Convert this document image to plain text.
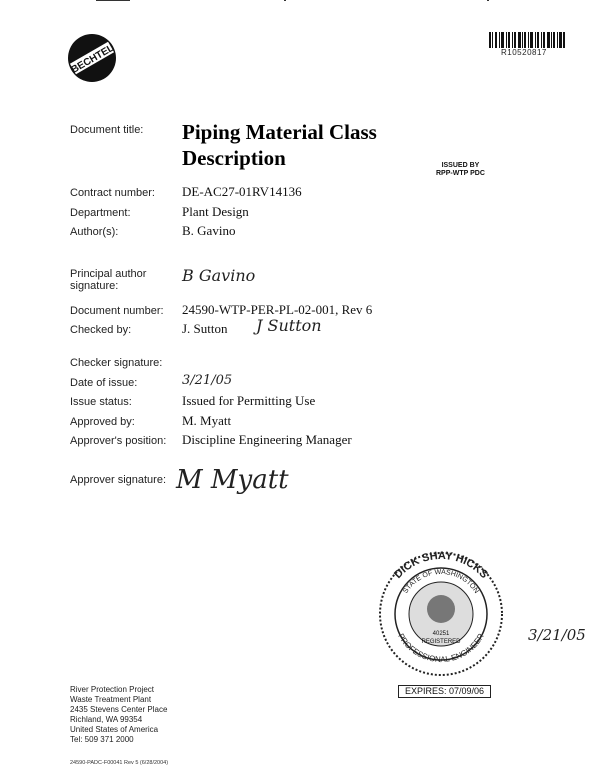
BECHTEL	R10520817
Document title: Piping Material Class
Description	ISSUED BY
RPP-WTP PDC
Contract number: DE-AC27-01RV14136
Department:	Plant Design
Author(s):	B. Gavino
Principal author signature:
B Gavino
Document number: 24590-WTP-PER-PL-02-001, Rev 6
Checked by:	J. Sutton J Sutton
Checker signature:
Date of issue:	3/21/05
Issue status:	Issued for Permitting Use
Approved by:	M. Myatt
Approver's position: Discipline Engineering Manager
Approver signature: M Myatt
DICK SHAY HICKS
STATE OF WASHINGTON
PROFESSIONAL ENGINEER
40251
REGISTERED	3/21/05
EXPIRES: 07/09/06
River Protection Project
Waste Treatment Plant
2435 Stevens Center Place
Richland, WA 99354
United States of America
Tel: 509 371 2000
24590-PADC-F00041 Rev 5 (6/28/2004)
